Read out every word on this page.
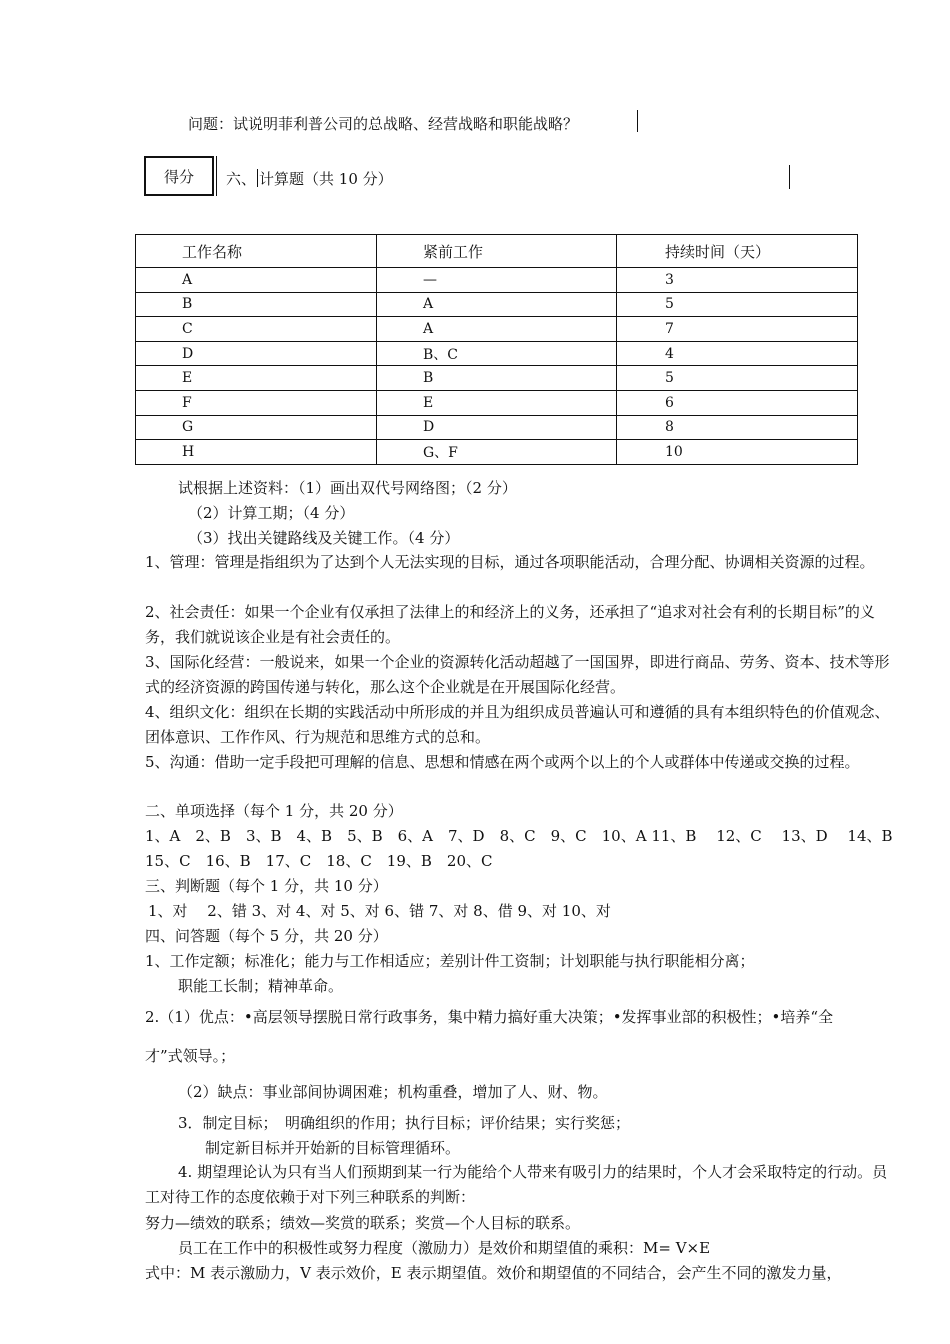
问题：试说明菲利普公司的总战略、经营战略和职能战略？
得分 六、 计算题（共 10 分）
工作名称	紧前工作	持续时间（天）
A	—	3
B	A	5
C	A	7
D	B、C	4
E	B	5
F	E	6
G	D	8
H	G、F	10
试根据上述资料：（1）画出双代号网络图；（2 分）
（2）计算工期；（4 分）
（3）找出关键路线及关键工作。（4 分）
1、管理：管理是指组织为了达到个人无法实现的目标，通过各项职能活动，合理分配、协调相关资源的过程。
2、社会责任：如果一个企业有仅承担了法律上的和经济上的义务，还承担了“追求对社会有利的长期目标”的义务，我们就说该企业是有社会责任的。
3、国际化经营：一般说来，如果一个企业的资源转化活动超越了一国国界，即进行商品、劳务、资本、技术等形式的经济资源的跨国传递与转化，那么这个企业就是在开展国际化经营。
4、组织文化：组织在长期的实践活动中所形成的并且为组织成员普遍认可和遵循的具有本组织特色的价值观念、团体意识、工作作风、行为规范和思维方式的总和。
5、沟通：借助一定手段把可理解的信息、思想和情感在两个或两个以上的个人或群体中传递或交换的过程。
二、单项选择（每个 1 分，共 20 分）
1、A　2、B　3、B　4、B　5、B　6、A　7、D　8、C　9、C　10、A 11、B　 12、C　 13、D　 14、B
15、C　16、B　17、C　18、C　19、B　20、C
三、判断题（每个 1 分，共 10 分）
1、对　 2、错 3、对 4、对 5、对 6、错 7、对 8、借 9、对 10、对
四、问答题（每个 5 分，共 20 分）
1、工作定额；标准化；能力与工作相适应；差别计件工资制；计划职能与执行职能相分离；
职能工长制；精神革命。
2.（1）优点：•高层领导摆脱日常行政事务，集中精力搞好重大决策；•发挥事业部的积极性；•培养“全
才”式领导。；
（2）缺点：事业部间协调困难；机构重叠，增加了人、财、物。
3．制定目标；　明确组织的作用；执行目标；评价结果；实行奖惩；
制定新目标并开始新的目标管理循环。
4. 期望理论认为只有当人们预期到某一行为能给个人带来有吸引力的结果时，个人才会采取特定的行动。员工对待工作的态度依赖于对下列三种联系的判断：
努力—绩效的联系；绩效—奖赏的联系；奖赏—个人目标的联系。
员工在工作中的积极性或努力程度（激励力）是效价和期望值的乘积：M= V×E
式中：M 表示激励力，V 表示效价，E 表示期望值。效价和期望值的不同结合，会产生不同的激发力量，
